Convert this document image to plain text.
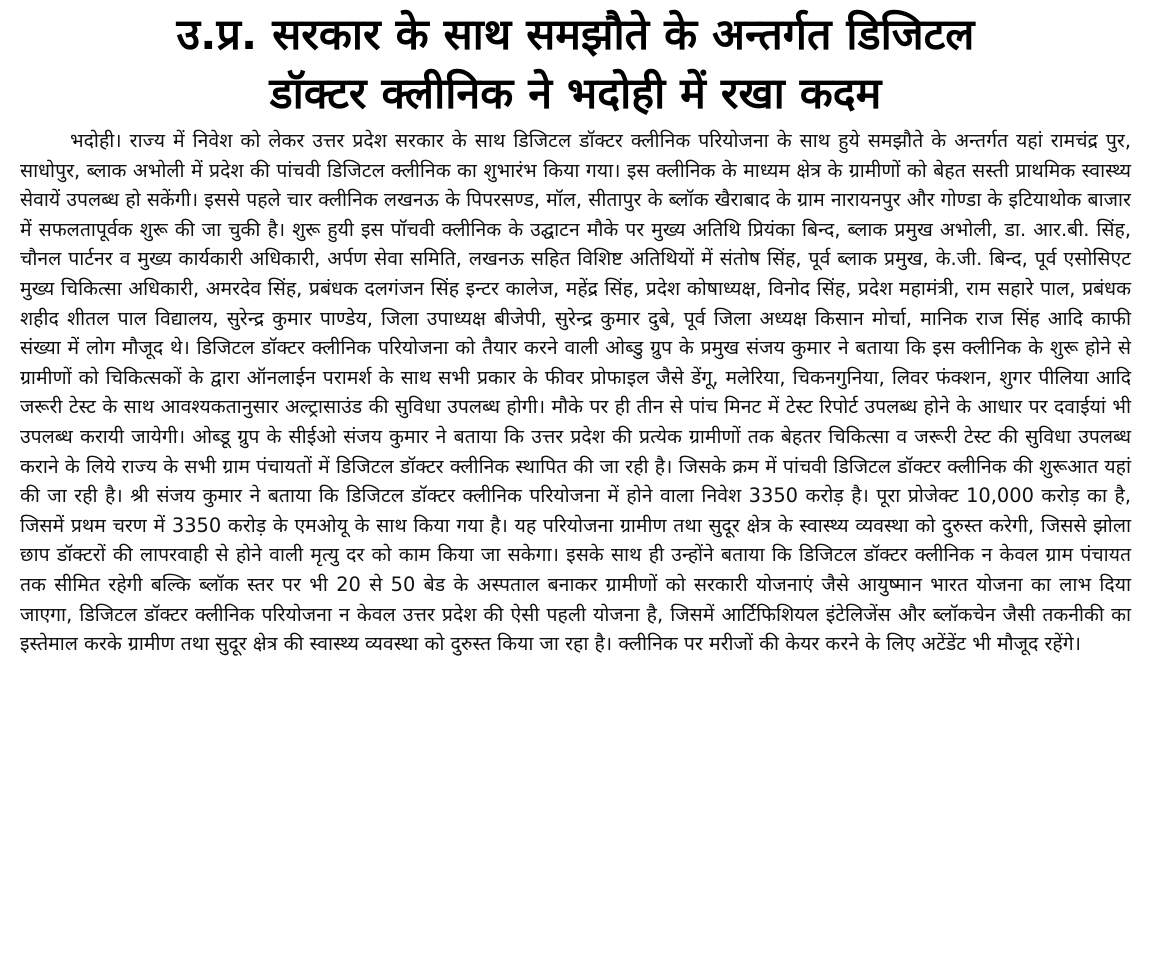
उ.प्र. सरकार के साथ समझौते के अन्तर्गत डिजिटल
डॉक्टर क्लीनिक ने भदोही में रखा कदम

भदोही। राज्य में निवेश को लेकर उत्तर प्रदेश सरकार के साथ डिजिटल डॉक्टर क्लीनिक परियोजना के साथ हुये समझौते के अन्तर्गत यहां रामचंद्र पुर, साधोपुर, ब्लाक अभोली में प्रदेश की पांचवी डिजिटल क्लीनिक का शुभारंभ किया गया। इस क्लीनिक के माध्यम क्षेत्र के ग्रामीणों को बेहत सस्ती प्राथमिक स्वास्थ्य सेवायें उपलब्ध हो सकेंगी। इससे पहले चार क्लीनिक लखनऊ के पिपरसण्ड, मॉल, सीतापुर के ब्लॉक खैराबाद के ग्राम नारायनपुर और गोण्डा के इटियाथोक बाजार में सफलतापूर्वक शुरू की जा चुकी है। शुरू हुयी इस पॉचवी क्लीनिक के उद्घाटन मौके पर मुख्य अतिथि प्रियंका बिन्द, ब्लाक प्रमुख अभोली, डा. आर.बी. सिंह, चौनल पार्टनर व मुख्य कार्यकारी अधिकारी, अर्पण सेवा समिति, लखनऊ सहित विशिष्ट अतिथियों में संतोष सिंह, पूर्व ब्लाक प्रमुख, के.जी. बिन्द, पूर्व एसोसिएट मुख्य चिकित्सा अधिकारी, अमरदेव सिंह, प्रबंधक दलगंजन सिंह इन्टर कालेज, महेंद्र सिंह, प्रदेश कोषाध्यक्ष, विनोद सिंह, प्रदेश महामंत्री, राम सहारे पाल, प्रबंधक शहीद शीतल पाल विद्यालय, सुरेन्द्र कुमार पाण्डेय, जिला उपाध्यक्ष बीजेपी, सुरेन्द्र कुमार दुबे, पूर्व जिला अध्यक्ष किसान मोर्चा, मानिक राज सिंह आदि काफी संख्या में लोग मौजूद थे। डिजिटल डॉक्टर क्लीनिक परियोजना को तैयार करने वाली ओब्डु ग्रुप के प्रमुख संजय कुमार ने बताया कि इस क्लीनिक के शुरू होने से ग्रामीणों को चिकित्सकों के द्वारा ऑनलाईन परामर्श के साथ सभी प्रकार के फीवर प्रोफाइल जैसे डेंगू, मलेरिया, चिकनगुनिया, लिवर फंक्शन, शुगर पीलिया आदि जरूरी टेस्ट के साथ आवश्यकतानुसार अल्ट्रासाउंड की सुविधा उपलब्ध होगी। मौके पर ही तीन से पांच मिनट में टेस्ट रिपोर्ट उपलब्ध होने के आधार पर दवाईयां भी उपलब्ध करायी जायेगी। ओब्डू ग्रुप के सीईओ संजय कुमार ने बताया कि उत्तर प्रदेश की प्रत्येक ग्रामीणों तक बेहतर चिकित्सा व जरूरी टेस्ट की सुविधा उपलब्ध कराने के लिये राज्य के सभी ग्राम पंचायतों में डिजिटल डॉक्टर क्लीनिक स्थापित की जा रही है। जिसके क्रम में पांचवी डिजिटल डॉक्टर क्लीनिक की शुरूआत यहां की जा रही है। श्री संजय कुमार ने बताया कि डिजिटल डॉक्टर क्लीनिक परियोजना में होने वाला निवेश 3350 करोड़ है। पूरा प्रोजेक्ट 10,000 करोड़ का है, जिसमें प्रथम चरण में 3350 करोड़ के एमओयू के साथ किया गया है। यह परियोजना ग्रामीण तथा सुदूर क्षेत्र के स्वास्थ्य व्यवस्था को दुरुस्त करेगी, जिससे झोला छाप डॉक्टरों की लापरवाही से होने वाली मृत्यु दर को काम किया जा सकेगा। इसके साथ ही उन्होंने बताया कि डिजिटल डॉक्टर क्लीनिक न केवल ग्राम पंचायत तक सीमित रहेगी बल्कि ब्लॉक स्तर पर भी 20 से 50 बेड के अस्पताल बनाकर ग्रामीणों को सरकारी योजनाएं जैसे आयुष्मान भारत योजना का लाभ दिया जाएगा, डिजिटल डॉक्टर क्लीनिक परियोजना न केवल उत्तर प्रदेश की ऐसी पहली योजना है, जिसमें आर्टिफिशियल इंटेलिजेंस और ब्लॉकचेन जैसी तकनीकी का इस्तेमाल करके ग्रामीण तथा सुदूर क्षेत्र की स्वास्थ्य व्यवस्था को दुरुस्त किया जा रहा है। क्लीनिक पर मरीजों की केयर करने के लिए अटेंडेंट भी मौजूद रहेंगे।
